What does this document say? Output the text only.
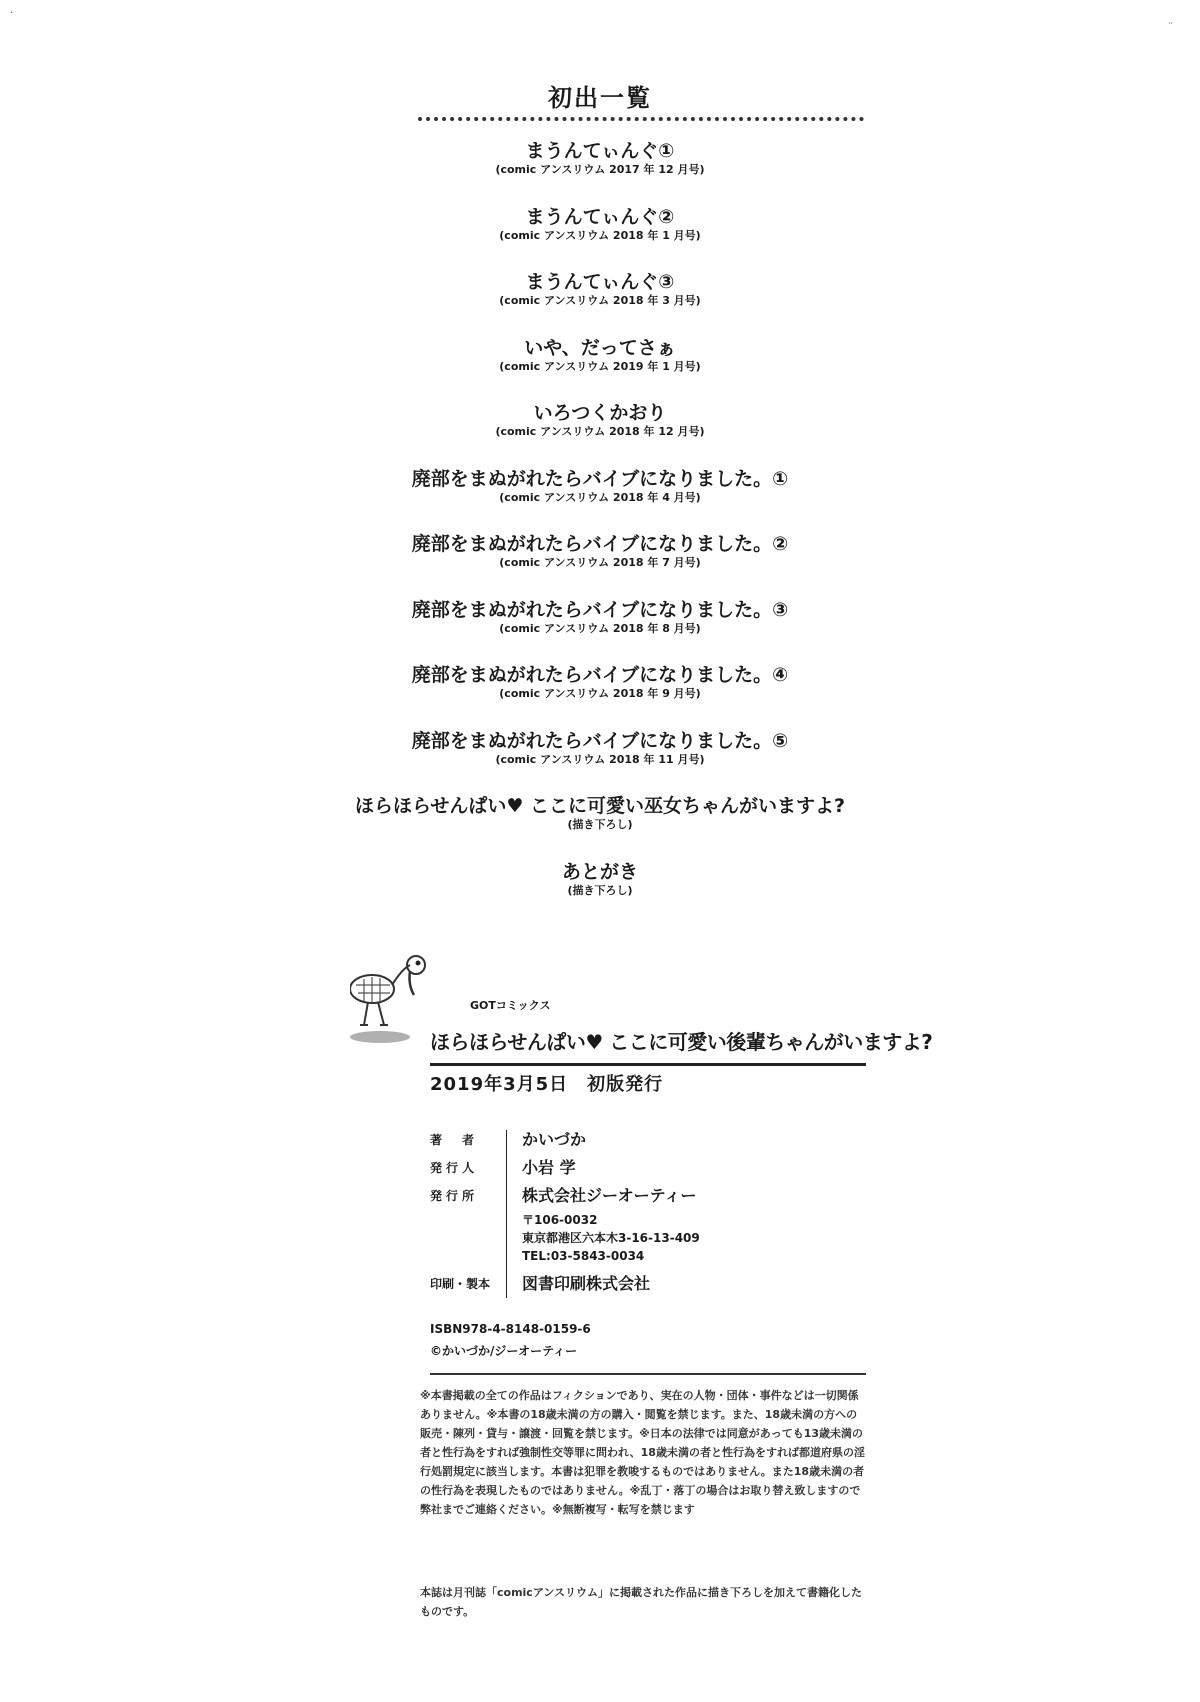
·
¨
初出一覧
まうんてぃんぐ①
(comic アンスリウム 2017 年 12 月号)
まうんてぃんぐ②
(comic アンスリウム 2018 年 1 月号)
まうんてぃんぐ③
(comic アンスリウム 2018 年 3 月号)
いや、だってさぁ
(comic アンスリウム 2019 年 1 月号)
いろつくかおり
(comic アンスリウム 2018 年 12 月号)
廃部をまぬがれたらバイブになりました。①
(comic アンスリウム 2018 年 4 月号)
廃部をまぬがれたらバイブになりました。②
(comic アンスリウム 2018 年 7 月号)
廃部をまぬがれたらバイブになりました。③
(comic アンスリウム 2018 年 8 月号)
廃部をまぬがれたらバイブになりました。④
(comic アンスリウム 2018 年 9 月号)
廃部をまぬがれたらバイブになりました。⑤
(comic アンスリウム 2018 年 11 月号)
ほらほらせんぱい♥ ここに可愛い巫女ちゃんがいますよ?
(描き下ろし)
あとがき
(描き下ろし)
GOTコミックス
ほらほらせんぱい♥ ここに可愛い後輩ちゃんがいますよ?
2019年3月5日　初版発行
著　者	かいづか
発行人	小岩 学
発行所	株式会社ジーオーティー
〒106-0032
東京都港区六本木3-16-13-409
TEL:03-5843-0034
印刷・製本	図書印刷株式会社
ISBN978-4-8148-0159-6
©かいづか/ジーオーティー
※本書掲載の全ての作品はフィクションであり、実在の人物・団体・事件などは一切関係ありません。※本書の18歳未満の方の購入・閲覧を禁じます。また、18歳未満の方への販売・陳列・貸与・譲渡・回覧を禁じます。※日本の法律では同意があっても13歳未満の者と性行為をすれば強制性交等罪に問われ、18歳未満の者と性行為をすれば都道府県の淫行処罰規定に該当します。本書は犯罪を教唆するものではありません。また18歳未満の者の性行為を表現したものではありません。※乱丁・落丁の場合はお取り替え致しますので弊社までご連絡ください。※無断複写・転写を禁じます
本誌は月刊誌「comicアンスリウム」に掲載された作品に描き下ろしを加えて書籍化したものです。
